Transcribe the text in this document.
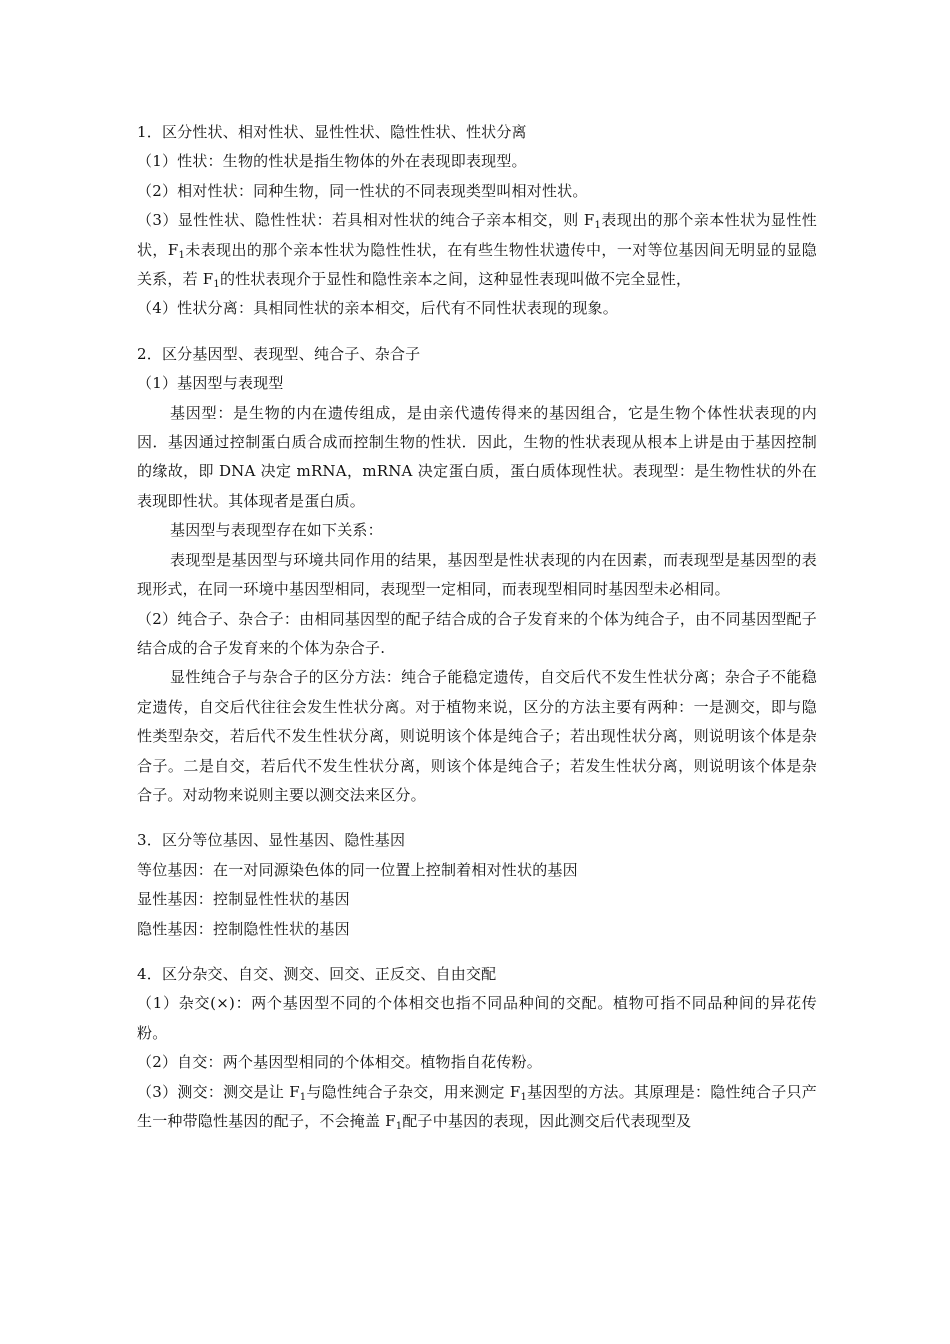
1．区分性状、相对性状、显性性状、隐性性状、性状分离

（1）性状：生物的性状是指生物体的外在表现即表现型。

（2）相对性状：同种生物，同一性状的不同表现类型叫相对性状。

（3）显性性状、隐性性状：若具相对性状的纯合子亲本相交，则 $F_1$表现出的那个亲本性状为显性性状，$F_1$未表现出的那个亲本性状为隐性性状，在有些生物性状遗传中，一对等位基因间无明显的显隐关系，若 $F_1$的性状表现介于显性和隐性亲本之间，这种显性表现叫做不完全显性，

（4）性状分离：具相同性状的亲本相交，后代有不同性状表现的现象。

2．区分基因型、表现型、纯合子、杂合子

（1）基因型与表现型

基因型：是生物的内在遗传组成，是由亲代遗传得来的基因组合，它是生物个体性状表现的内因．基因通过控制蛋白质合成而控制生物的性状．因此，生物的性状表现从根本上讲是由于基因控制的缘故，即 DNA 决定 mRNA，mRNA 决定蛋白质，蛋白质体现性状。表现型：是生物性状的外在表现即性状。其体现者是蛋白质。

基因型与表现型存在如下关系：

表现型是基因型与环境共同作用的结果，基因型是性状表现的内在因素，而表现型是基因型的表现形式，在同一环境中基因型相同，表现型一定相同，而表现型相同时基因型未必相同。

（2）纯合子、杂合子：由相同基因型的配子结合成的合子发育来的个体为纯合子，由不同基因型配子结合成的合子发育来的个体为杂合子.

显性纯合子与杂合子的区分方法：纯合子能稳定遗传，自交后代不发生性状分离；杂合子不能稳定遗传，自交后代往往会发生性状分离。对于植物来说，区分的方法主要有两种：一是测交，即与隐性类型杂交，若后代不发生性状分离，则说明该个体是纯合子；若出现性状分离，则说明该个体是杂合子。二是自交，若后代不发生性状分离，则该个体是纯合子；若发生性状分离，则说明该个体是杂合子。对动物来说则主要以测交法来区分。

3．区分等位基因、显性基因、隐性基因

等位基因：在一对同源染色体的同一位置上控制着相对性状的基因

显性基因：控制显性性状的基因

隐性基因：控制隐性性状的基因

4．区分杂交、自交、测交、回交、正反交、自由交配

（1）杂交(×)：两个基因型不同的个体相交也指不同品种间的交配。植物可指不同品种间的异花传粉。

（2）自交：两个基因型相同的个体相交。植物指自花传粉。

（3）测交：测交是让 $F_1$与隐性纯合子杂交，用来测定 $F_1$基因型的方法。其原理是：隐性纯合子只产生一种带隐性基因的配子，不会掩盖 $F_1$配子中基因的表现，因此测交后代表现型及
